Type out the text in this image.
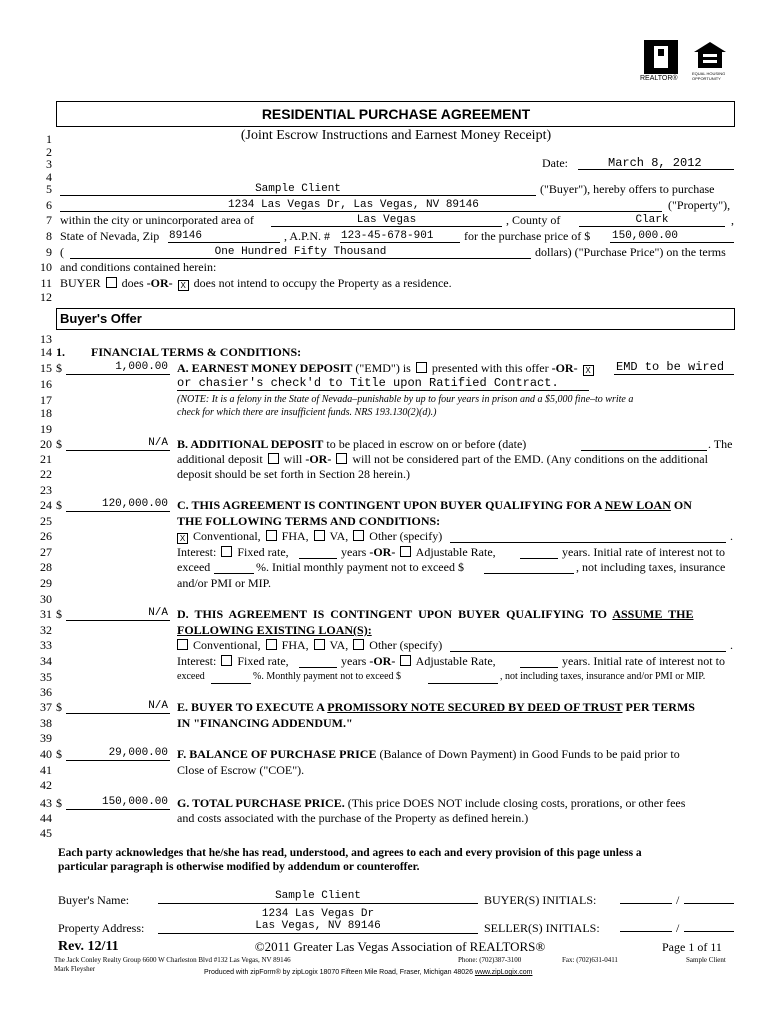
REALTOR®
EQUAL HOUSING OPPORTUNITY
RESIDENTIAL PURCHASE AGREEMENT
(Joint Escrow Instructions and Earnest Money Receipt)
1
2
3
4
5
6
7
8
9
10
11
12
Date:	March 8, 2012
Sample Client	("Buyer"), hereby offers to purchase
1234 Las Vegas Dr, Las Vegas, NV 89146	("Property"),
within the city or unincorporated area of	Las Vegas	, County of	Clark	,
State of Nevada, Zip 89146	, A.P.N. # 123-45-678-901	for the purchase price of $ 150,000.00
(	One Hundred Fifty Thousand	dollars) ("Purchase Price") on the terms
and conditions contained herein:
BUYER does -OR- X does not intend to occupy the Property as a residence.
Buyer's Offer
13
14
15
16
17
18
19
20
21
22
23
24
25
26
27
28
29
30
31
32
33
34
35
36
37
38
39
40
41
42
43
44
45
1. FINANCIAL TERMS & CONDITIONS:
$	1,000.00 A. EARNEST MONEY DEPOSIT ("EMD") is presented with this offer -OR- X	EMD to be wired
or chasier's check'd to Title upon Ratified Contract.
(NOTE: It is a felony in the State of Nevada–punishable by up to four years in prison and a $5,000 fine–to write a
check for which there are insufficient funds. NRS 193.130(2)(d).)
$	N/A B. ADDITIONAL DEPOSIT to be placed in escrow on or before (date)	. The
additional deposit will -OR- will not be considered part of the EMD. (Any conditions on the additional
deposit should be set forth in Section 28 herein.)
$	120,000.00 C. THIS AGREEMENT IS CONTINGENT UPON BUYER QUALIFYING FOR A NEW LOAN ON
THE FOLLOWING TERMS AND CONDITIONS:
X Conventional, FHA, VA, Other (specify)	.
Interest: Fixed rate,	years -OR- Adjustable Rate,	years. Initial rate of interest not to
exceed	%. Initial monthly payment not to exceed $	, not including taxes, insurance
and/or PMI or MIP.
$	N/A D. THIS AGREEMENT IS CONTINGENT UPON BUYER QUALIFYING TO ASSUME THE
FOLLOWING EXISTING LOAN(S):
Conventional, FHA, VA, Other (specify)	.
Interest: Fixed rate,	years -OR- Adjustable Rate,	years. Initial rate of interest not to
exceed	%. Monthly payment not to exceed $	, not including taxes, insurance and/or PMI or MIP.
$	N/A E. BUYER TO EXECUTE A PROMISSORY NOTE SECURED BY DEED OF TRUST PER TERMS
IN "FINANCING ADDENDUM."
$	29,000.00 F. BALANCE OF PURCHASE PRICE (Balance of Down Payment) in Good Funds to be paid prior to
Close of Escrow ("COE").
$	150,000.00 G. TOTAL PURCHASE PRICE. (This price DOES NOT include closing costs, prorations, or other fees
and costs associated with the purchase of the Property as defined herein.)
Each party acknowledges that he/she has read, understood, and agrees to each and every provision of this page unless a
particular paragraph is otherwise modified by addendum or counteroffer.
Buyer's Name:	Sample Client	BUYER(S) INITIALS:	/
1234 Las Vegas Dr
Property Address:	Las Vegas, NV 89146	SELLER(S) INITIALS:	/
Rev. 12/11	©2011 Greater Las Vegas Association of REALTORS®	Page 1 of 11
The Jack Conley Realty Group 6600 W Charleston Blvd #132 Las Vegas, NV 89146
Mark Fleysher
Phone: (702)387-3100	Fax: (702)631-0411	Sample Client
Produced with zipForm® by zipLogix 18070 Fifteen Mile Road, Fraser, Michigan 48026 www.zipLogix.com
